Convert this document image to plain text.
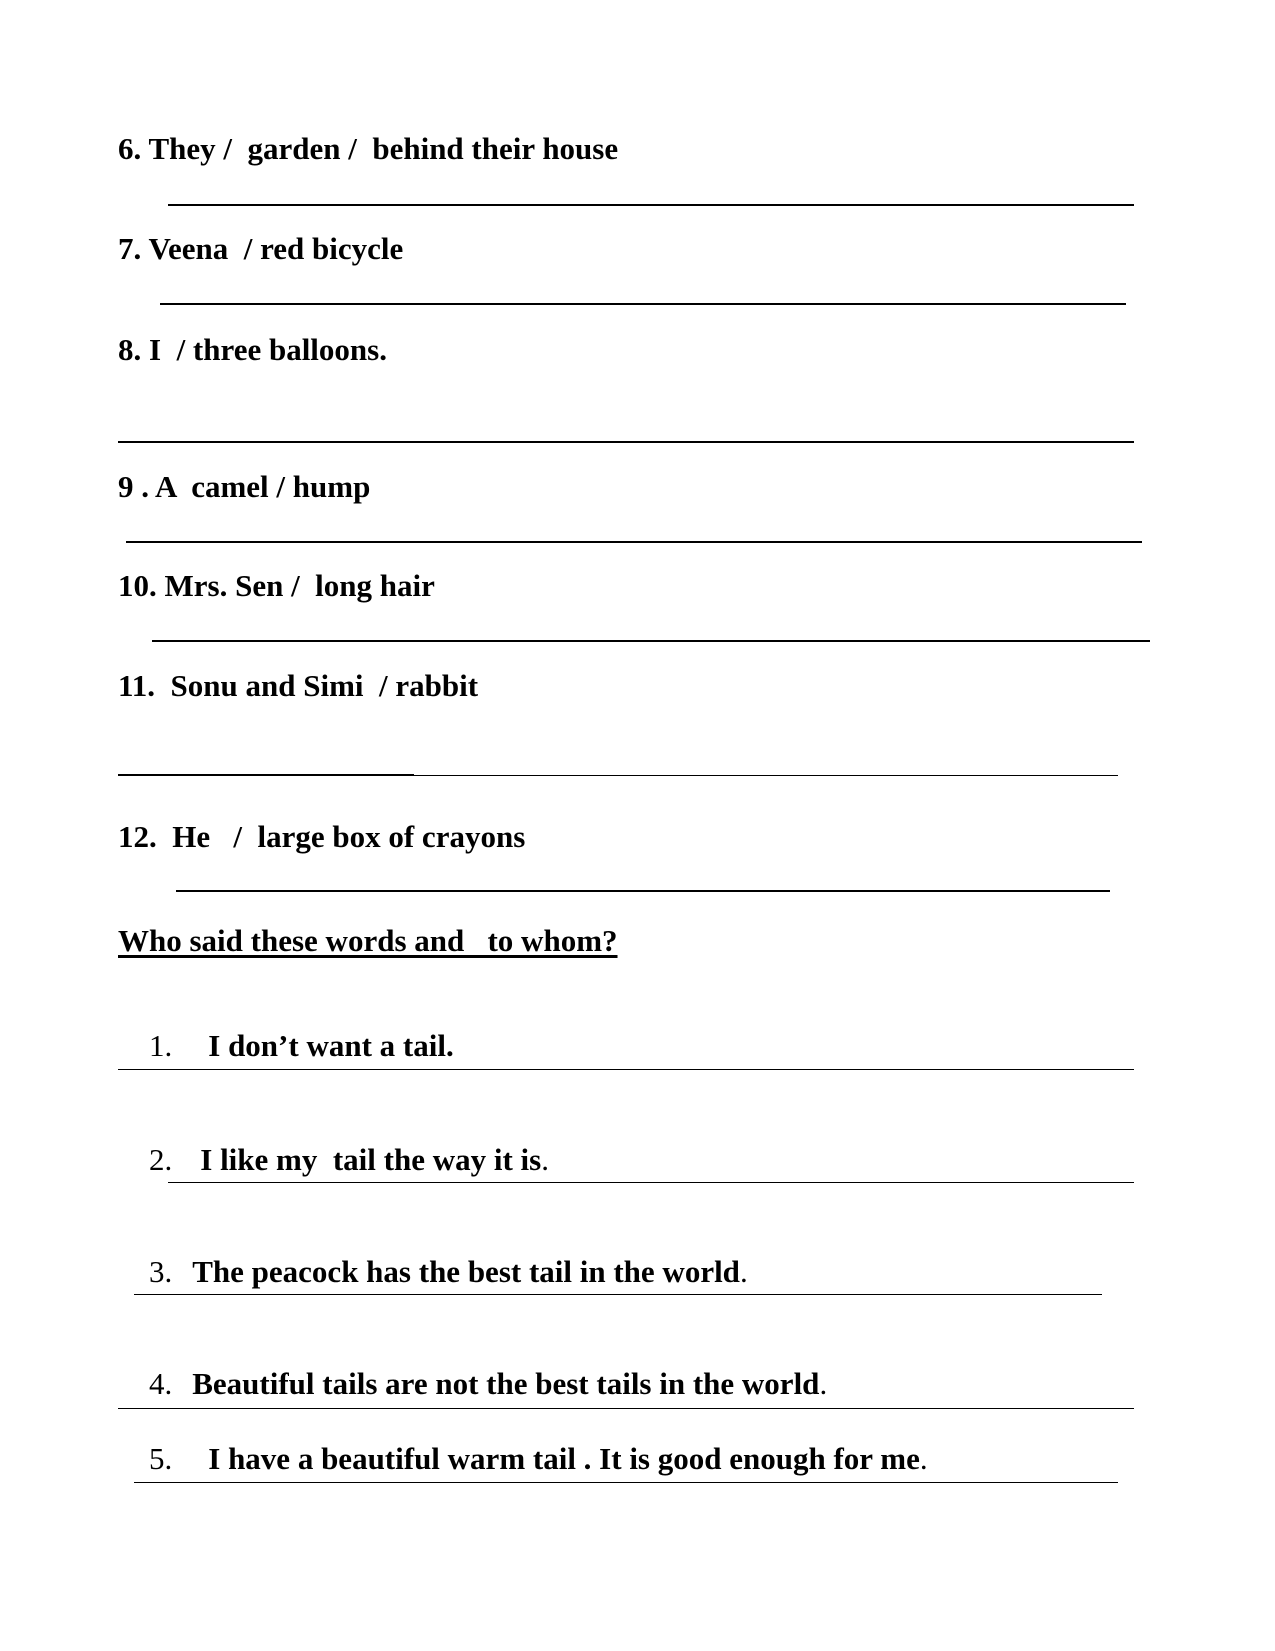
6. They /  garden /  behind their house
7. Veena  / red bicycle
8. I  / three balloons.
9 . A  camel / hump
10. Mrs. Sen /  long hair
11.  Sonu and Simi  / rabbit
12.  He   /  large box of crayons
Who said these words and   to whom?

1. I don’t want a tail.

2. I like my  tail the way it is.

3. The peacock has the best tail in the world.

4. Beautiful tails are not the best tails in the world.

5. I have a beautiful warm tail . It is good enough for me.
